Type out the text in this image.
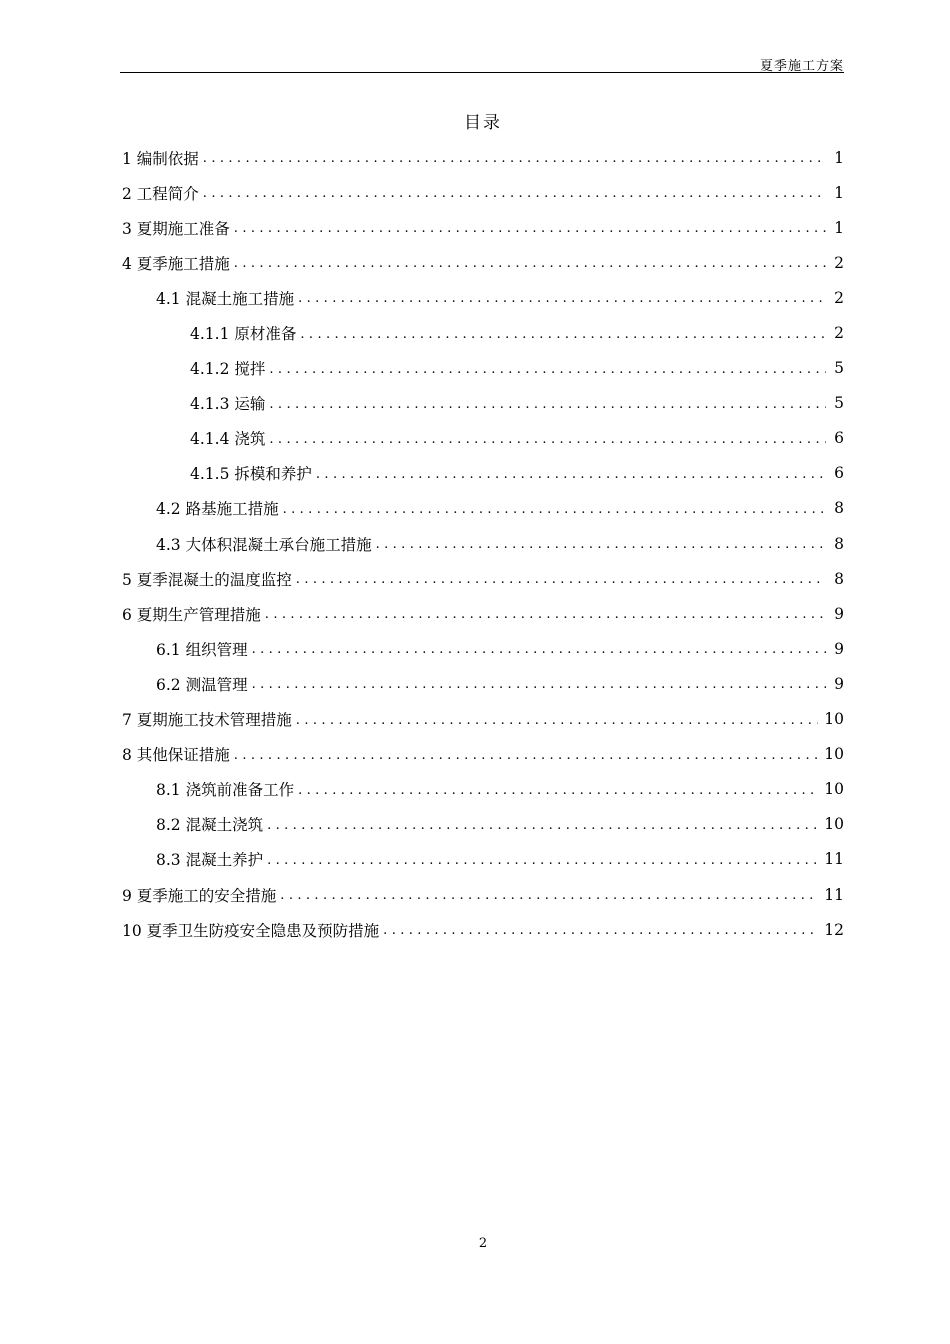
夏季施工方案
目录
1 编制依据 .....	1
2 工程简介 .....	1
3 夏期施工准备 .....	1
4 夏季施工措施 .....	2
4.1 混凝土施工措施 .....	2
4.1.1 原材准备 .....	2
4.1.2 搅拌 .....	5
4.1.3 运输 .....	5
4.1.4 浇筑 .....	6
4.1.5 拆模和养护 .....	6
4.2 路基施工措施 .....	8
4.3 大体积混凝土承台施工措施 .....	8
5 夏季混凝土的温度监控 .....	8
6 夏期生产管理措施 .....	9
6.1 组织管理 .....	9
6.2 测温管理 .....	9
7 夏期施工技术管理措施 .....	10
8 其他保证措施 .....	10
8.1 浇筑前准备工作 .....	10
8.2 混凝土浇筑 .....	10
8.3 混凝土养护 .....	11
9 夏季施工的安全措施 .....	11
10 夏季卫生防疫安全隐患及预防措施 .....	12
2
